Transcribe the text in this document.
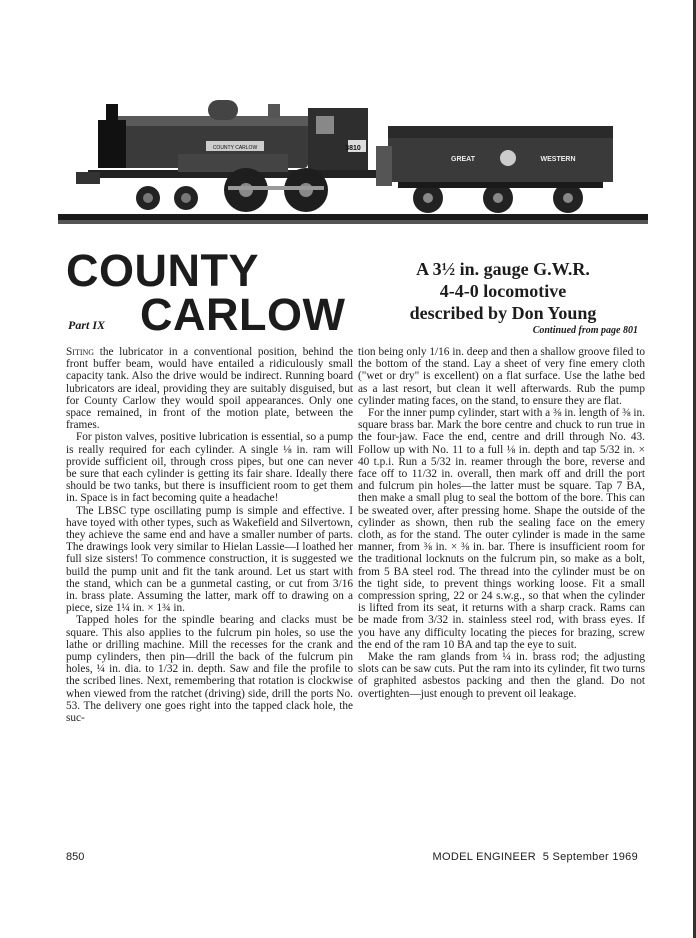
3810
COUNTY CARLOW
GREAT	WESTERN
COUNTY
Part IX CARLOW
A 3½ in. gauge G.W.R.
4-4-0 locomotive
described by Don Young
Continued from page 801

Siting the lubricator in a conventional position, behind the front buffer beam, would have entailed a ridiculously small capacity tank. Also the drive would be indirect. Running board lubricators are ideal, providing they are suitably disguised, but for County Carlow they would spoil appearances. Only one space remained, in front of the motion plate, between the frames.

For piston valves, positive lubrication is essential, so a pump is really required for each cylinder. A single ⅛ in. ram will provide sufficient oil, through cross pipes, but one can never be sure that each cylinder is getting its fair share. Ideally there should be two tanks, but there is insufficient room to get them in. Space is in fact becoming quite a headache!

The LBSC type oscillating pump is simple and effective. I have toyed with other types, such as Wakefield and Silvertown, they achieve the same end and have a smaller number of parts. The drawings look very similar to Hielan Lassie—I loathed her full size sisters! To commence construction, it is suggested we build the pump unit and fit the tank around. Let us start with the stand, which can be a gunmetal casting, or cut from 3/16 in. brass plate. Assuming the latter, mark off to drawing on a piece, size 1¼ in. × 1¾ in.

Tapped holes for the spindle bearing and clacks must be square. This also applies to the fulcrum pin holes, so use the lathe or drilling machine. Mill the recesses for the crank and pump cylinders, then pin—drill the back of the fulcrum pin holes, ¼ in. dia. to 1/32 in. depth. Saw and file the profile to the scribed lines. Next, remembering that rotation is clockwise when viewed from the ratchet (driving) side, drill the ports No. 53. The delivery one goes right into the tapped clack hole, the suc-

tion being only 1/16 in. deep and then a shallow groove filed to the bottom of the stand. Lay a sheet of very fine emery cloth ("wet or dry" is excellent) on a flat surface. Use the lathe bed as a last resort, but clean it well afterwards. Rub the pump cylinder mating faces, on the stand, to ensure they are flat.

For the inner pump cylinder, start with a ⅜ in. length of ⅜ in. square brass bar. Mark the bore centre and chuck to run true in the four-jaw. Face the end, centre and drill through No. 43. Follow up with No. 11 to a full ⅛ in. depth and tap 5/32 in. × 40 t.p.i. Run a 5/32 in. reamer through the bore, reverse and face off to 11/32 in. overall, then mark off and drill the port and fulcrum pin holes—the latter must be square. Tap 7 BA, then make a small plug to seal the bottom of the bore. This can be sweated over, after pressing home. Shape the outside of the cylinder as shown, then rub the sealing face on the emery cloth, as for the stand. The outer cylinder is made in the same manner, from ⅜ in. × ⅜ in. bar. There is insufficient room for the traditional locknuts on the fulcrum pin, so make as a bolt, from 5 BA steel rod. The thread into the cylinder must be on the tight side, to prevent things working loose. Fit a small compression spring, 22 or 24 s.w.g., so that when the cylinder is lifted from its seat, it returns with a sharp crack. Rams can be made from 3/32 in. stainless steel rod, with brass eyes. If you have any difficulty locating the pieces for brazing, screw the end of the ram 10 BA and tap the eye to suit.

Make the ram glands from ¼ in. brass rod; the adjusting slots can be saw cuts. Put the ram into its cylinder, fit two turns of graphited asbestos packing and then the gland. Do not overtighten—just enough to prevent oil leakage.

850	MODEL ENGINEER 5 September 1969
